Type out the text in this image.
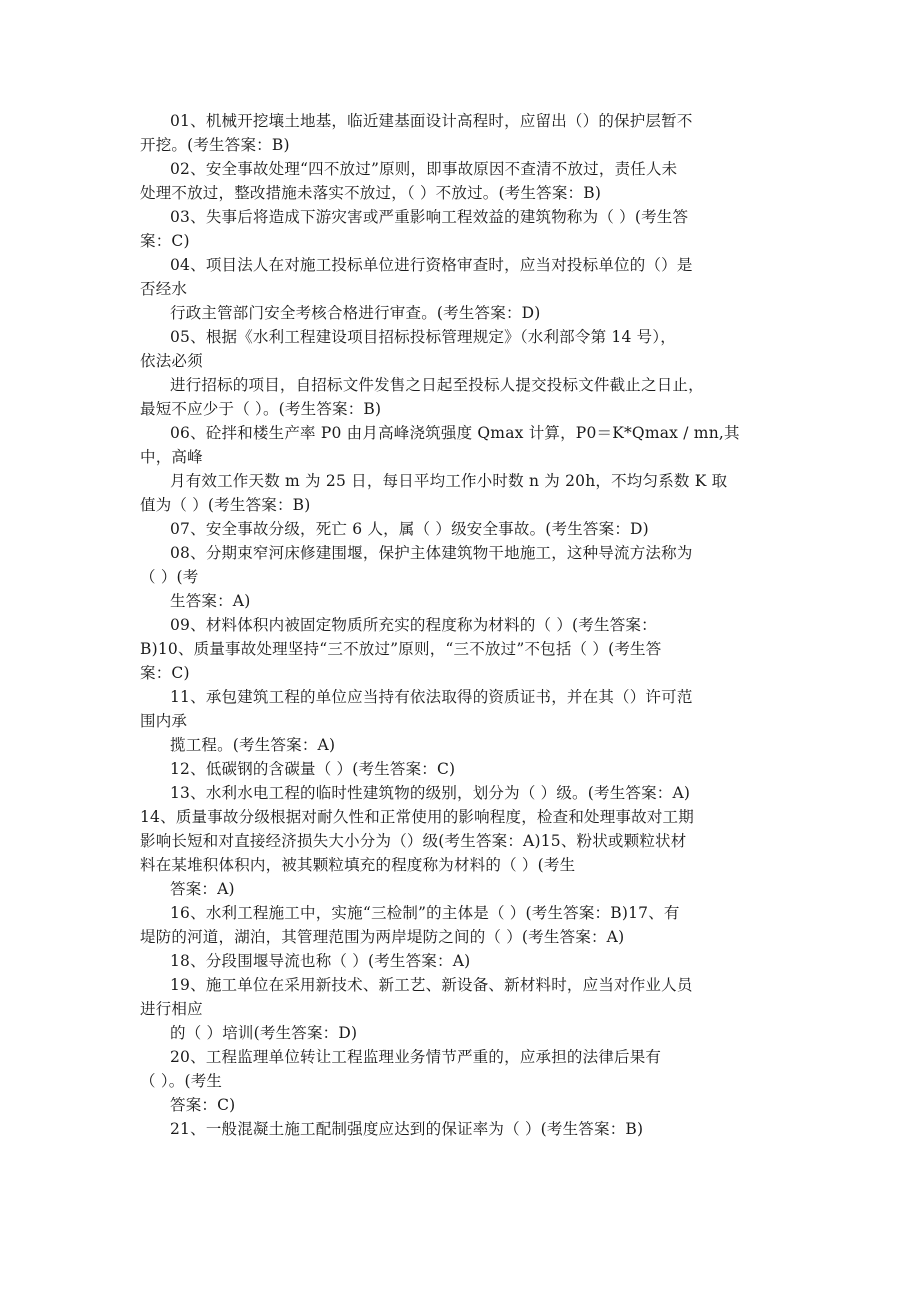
01、机械开挖壤土地基，临近建基面设计高程时，应留出（）的保护层暂不
开挖。(考生答案：B)
02、安全事故处理“四不放过”原则，即事故原因不查清不放过，责任人未
处理不放过，整改措施未落实不放过，（ ）不放过。(考生答案：B)
03、失事后将造成下游灾害或严重影响工程效益的建筑物称为（ ）(考生答
案：C)
04、项目法人在对施工投标单位进行资格审查时，应当对投标单位的（）是
否经水
行政主管部门安全考核合格进行审查。(考生答案：D)
05、根据《水利工程建设项目招标投标管理规定》（水利部令第 14 号），
依法必须
进行招标的项目，自招标文件发售之日起至投标人提交投标文件截止之日止，
最短不应少于（ ）。(考生答案：B)
06、砼拌和楼生产率 P0 由月高峰浇筑强度 Qmax 计算，P0＝K*Qmax / mn,其
中，高峰
月有效工作天数 m 为 25 日，每日平均工作小时数 n 为 20h，不均匀系数 K 取
值为（ ）(考生答案：B)
07、安全事故分级，死亡 6 人，属（ ）级安全事故。(考生答案：D)
08、分期束窄河床修建围堰，保护主体建筑物干地施工，这种导流方法称为
（ ）(考
生答案：A)
09、材料体积内被固定物质所充实的程度称为材料的（ ）(考生答案：
B)10、质量事故处理坚持“三不放过”原则，“三不放过”不包括（ ）(考生答
案：C)
11、承包建筑工程的单位应当持有依法取得的资质证书，并在其（）许可范
围内承
揽工程。(考生答案：A)
12、低碳钢的含碳量（ ）(考生答案：C)
13、水利水电工程的临时性建筑物的级别，划分为（ ）级。(考生答案：A)
14、质量事故分级根据对耐久性和正常使用的影响程度，检查和处理事故对工期
影响长短和对直接经济损失大小分为（）级(考生答案：A)15、粉状或颗粒状材
料在某堆积体积内，被其颗粒填充的程度称为材料的（ ）(考生
答案：A)
16、水利工程施工中，实施“三检制”的主体是（ ）(考生答案：B)17、有
堤防的河道，湖泊，其管理范围为两岸堤防之间的（ ）(考生答案：A)
18、分段围堰导流也称（ ）(考生答案：A)
19、施工单位在采用新技术、新工艺、新设备、新材料时，应当对作业人员
进行相应
的（ ）培训(考生答案：D)
20、工程监理单位转让工程监理业务情节严重的，应承担的法律后果有
（ ）。(考生
答案：C)
21、一般混凝土施工配制强度应达到的保证率为（ ）(考生答案：B)
